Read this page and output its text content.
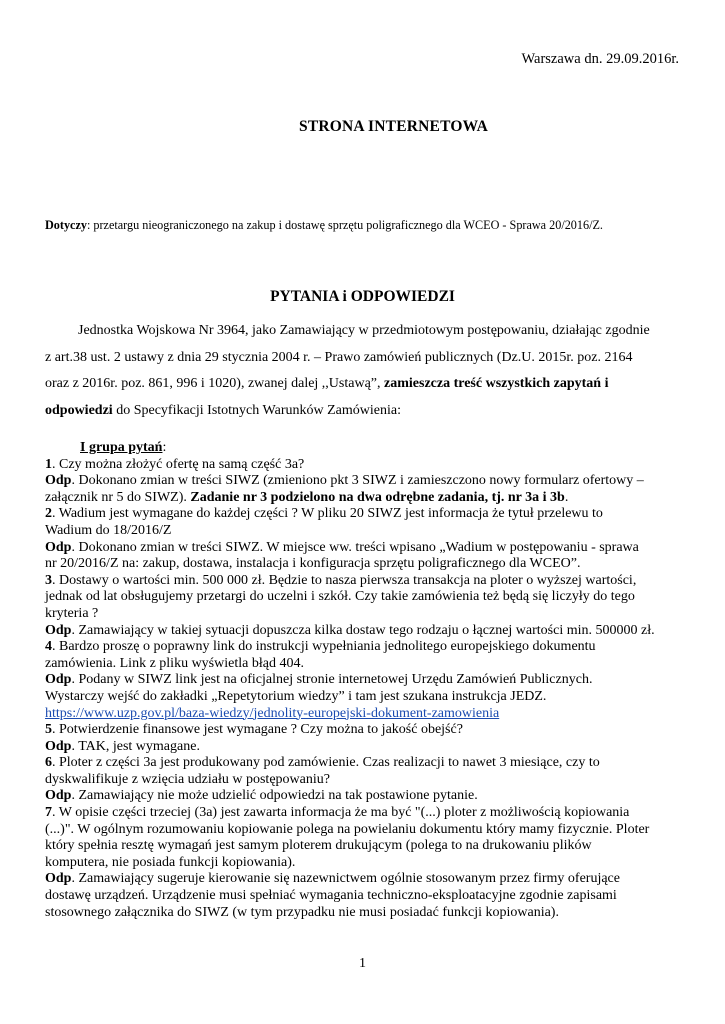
Warszawa dn. 29.09.2016r.
STRONA INTERNETOWA
Dotyczy: przetargu nieograniczonego na zakup i dostawę sprzętu poligraficznego dla WCEO - Sprawa 20/2016/Z.
PYTANIA i ODPOWIEDZI
Jednostka Wojskowa Nr 3964, jako Zamawiający w przedmiotowym postępowaniu, działając zgodnie
z art.38 ust. 2 ustawy z dnia 29 stycznia 2004 r. – Prawo zamówień publicznych (Dz.U. 2015r. poz. 2164
oraz z 2016r. poz. 861, 996 i 1020), zwanej dalej ,,Ustawą”, zamieszcza treść wszystkich zapytań i
odpowiedzi do Specyfikacji Istotnych Warunków Zamówienia:
I grupa pytań:
1. Czy można złożyć ofertę na samą część 3a?
Odp. Dokonano zmian w treści SIWZ (zmieniono pkt 3 SIWZ i zamieszczono nowy formularz ofertowy –
załącznik nr 5 do SIWZ). Zadanie nr 3 podzielono na dwa odrębne zadania, tj. nr 3a i 3b.
2. Wadium jest wymagane do każdej części ? W pliku 20 SIWZ jest informacja że tytuł przelewu to
Wadium do 18/2016/Z
Odp. Dokonano zmian w treści SIWZ. W miejsce ww. treści wpisano „Wadium w postępowaniu - sprawa
nr 20/2016/Z na: zakup, dostawa, instalacja i konfiguracja sprzętu poligraficznego dla WCEO”.
3. Dostawy o wartości min. 500 000 zł. Będzie to nasza pierwsza transakcja na ploter o wyższej wartości,
jednak od lat obsługujemy przetargi do uczelni i szkół. Czy takie zamówienia też będą się liczyły do tego
kryteria ?
Odp. Zamawiający w takiej sytuacji dopuszcza kilka dostaw tego rodzaju o łącznej wartości min. 500000 zł.
4. Bardzo proszę o poprawny link do instrukcji wypełniania jednolitego europejskiego dokumentu
zamówienia. Link z pliku wyświetla błąd 404.
Odp. Podany w SIWZ link jest na oficjalnej stronie internetowej Urzędu Zamówień Publicznych.
Wystarczy wejść do zakładki „Repetytorium wiedzy” i tam jest szukana instrukcja JEDZ.
https://www.uzp.gov.pl/baza-wiedzy/jednolity-europejski-dokument-zamowienia
5. Potwierdzenie finansowe jest wymagane ? Czy można to jakość obejść?
Odp. TAK, jest wymagane.
6. Ploter z części 3a jest produkowany pod zamówienie. Czas realizacji to nawet 3 miesiące, czy to
dyskwalifikuje z wzięcia udziału w postępowaniu?
Odp. Zamawiający nie może udzielić odpowiedzi na tak postawione pytanie.
7. W opisie części trzeciej (3a) jest zawarta informacja że ma być "(...) ploter z możliwością kopiowania
(...)". W ogólnym rozumowaniu kopiowanie polega na powielaniu dokumentu który mamy fizycznie. Ploter
który spełnia resztę wymagań jest samym ploterem drukującym (polega to na drukowaniu plików
komputera, nie posiada funkcji kopiowania).
Odp. Zamawiający sugeruje kierowanie się nazewnictwem ogólnie stosowanym przez firmy oferujące
dostawę urządzeń. Urządzenie musi spełniać wymagania techniczno-eksploatacyjne zgodnie zapisami
stosownego załącznika do SIWZ (w tym przypadku nie musi posiadać funkcji kopiowania).
1
